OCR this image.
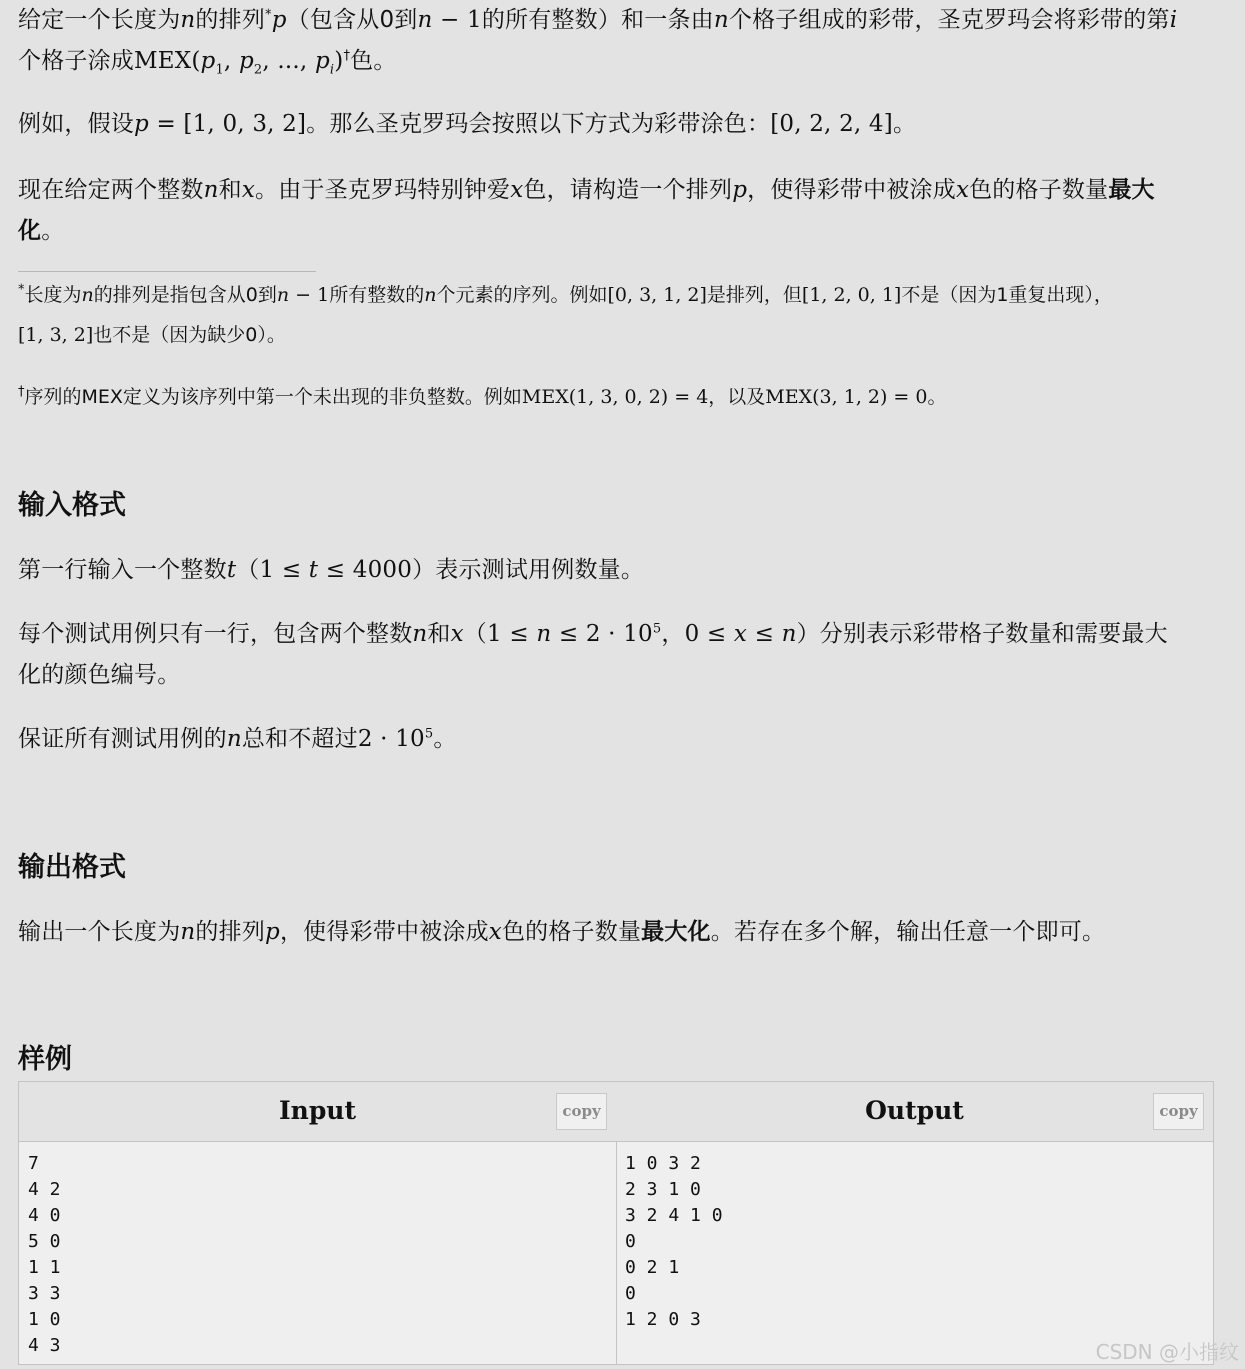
给定一个长度为n的排列*p（包含从0到n − 1的所有整数）和一条由n个格子组成的彩带，圣克罗玛会将彩带的第i
个格子涂成$MEX(p_1$, $p_2$, ..., $p_i)^\dagger$色。

例如，假设p = [1, 0, 3, 2]。那么圣克罗玛会按照以下方式为彩带涂色：[0, 2, 2, 4]。

现在给定两个整数n和x。由于圣克罗玛特别钟爱x色，请构造一个排列p，使得彩带中被涂成x色的格子数量最大
化。

*长度为n的排列是指包含从0到n − 1所有整数的n个元素的序列。例如[0, 3, 1, 2]是排列，但[1, 2, 0, 1]不是（因为1重复出现），
[1, 3, 2]也不是（因为缺少0）。

†序列的MEX定义为该序列中第一个未出现的非负整数。例如MEX(1, 3, 0, 2) = 4，以及MEX(3, 1, 2) = 0。

输入格式

第一行输入一个整数t（1 ≤ t ≤ 4000）表示测试用例数量。

每个测试用例只有一行，包含两个整数n和$x(1 \le n \le 2 \cdot 10^5$，0 ≤ x ≤ n）分别表示彩带格子数量和需要最大
化的颜色编号。

保证所有测试用例的n总和不超过$2 \cdot 10^5$。

输出格式

输出一个长度为n的排列p，使得彩带中被涂成x色的格子数量最大化。若存在多个解，输出任意一个即可。

样例
Input	copy
7
4 2
4 0
5 0
1 1
3 3
1 0
4 3
Output	copy
1 0 3 2
2 3 1 0
3 2 4 1 0
0
0 2 1
0
1 2 0 3
CSDN @小指纹
